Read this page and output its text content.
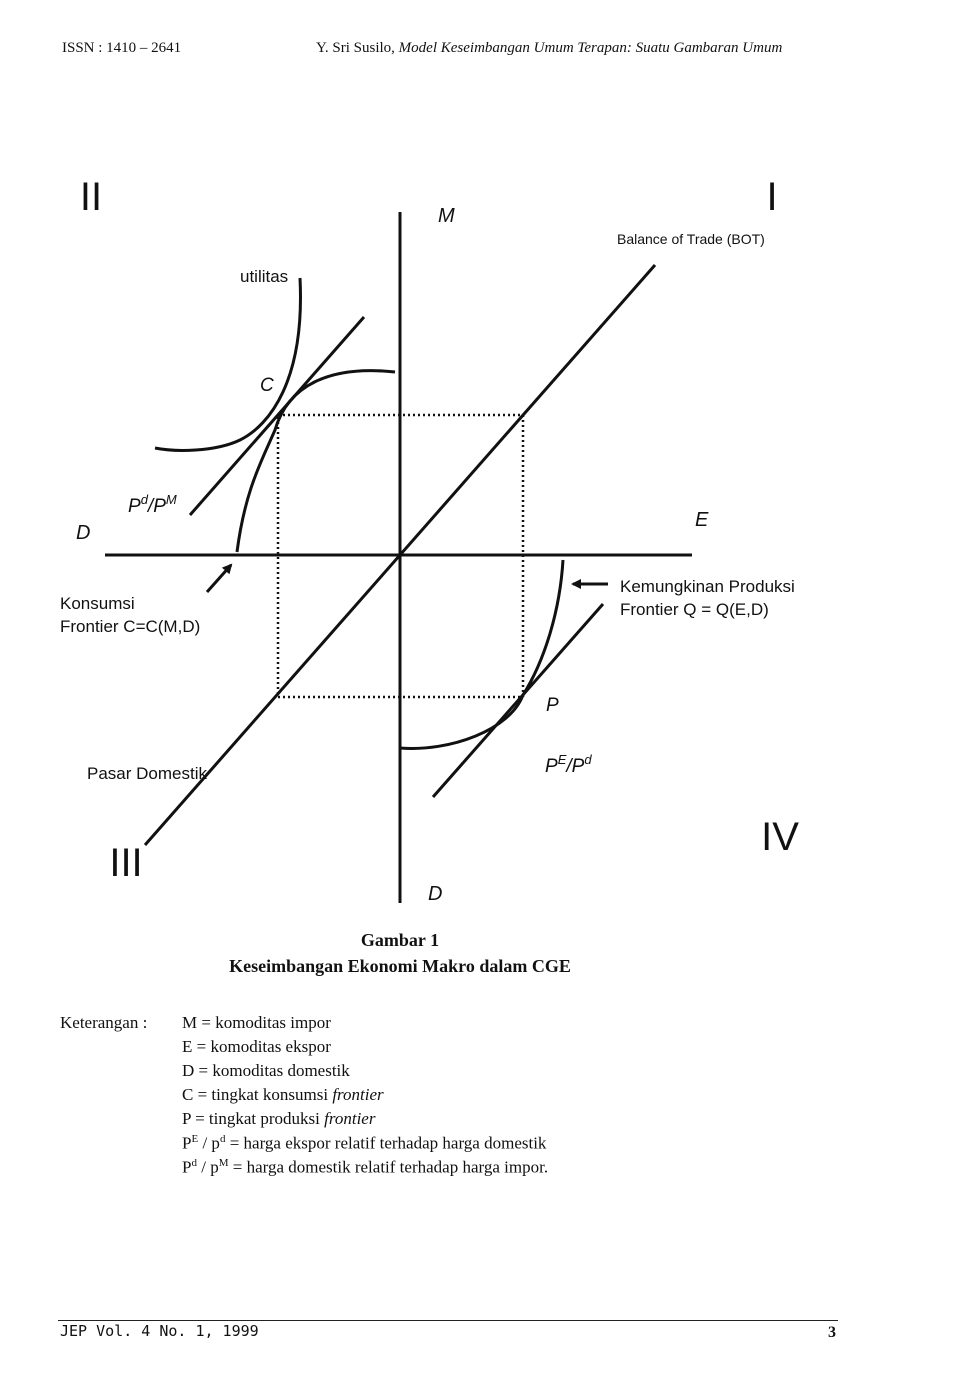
ISSN : 1410 – 2641	Y. Sri Susilo, Model Keseimbangan Umum Terapan: Suatu Gambaran Umum
I
II
III
IV
M
D
D
E
Balance of Trade (BOT)
utilitas
C
$P^d/P^M$
Konsumsi
Frontier C=C(M,D)
Kemungkinan Produksi
Frontier Q = Q(E,D)
P
$P^E/P^d$
Pasar Domestik
Gambar 1
Keseimbangan Ekonomi Makro dalam CGE
Keterangan : M = komoditas impor
E = komoditas ekspor
D = komoditas domestik
C = tingkat konsumsi frontier
P = tingkat produksi frontier
$P^E / p^d$ = harga ekspor relatif terhadap harga domestik
$P^d / p^M$ = harga domestik relatif terhadap harga impor.
JEP Vol. 4 No. 1, 1999	3
